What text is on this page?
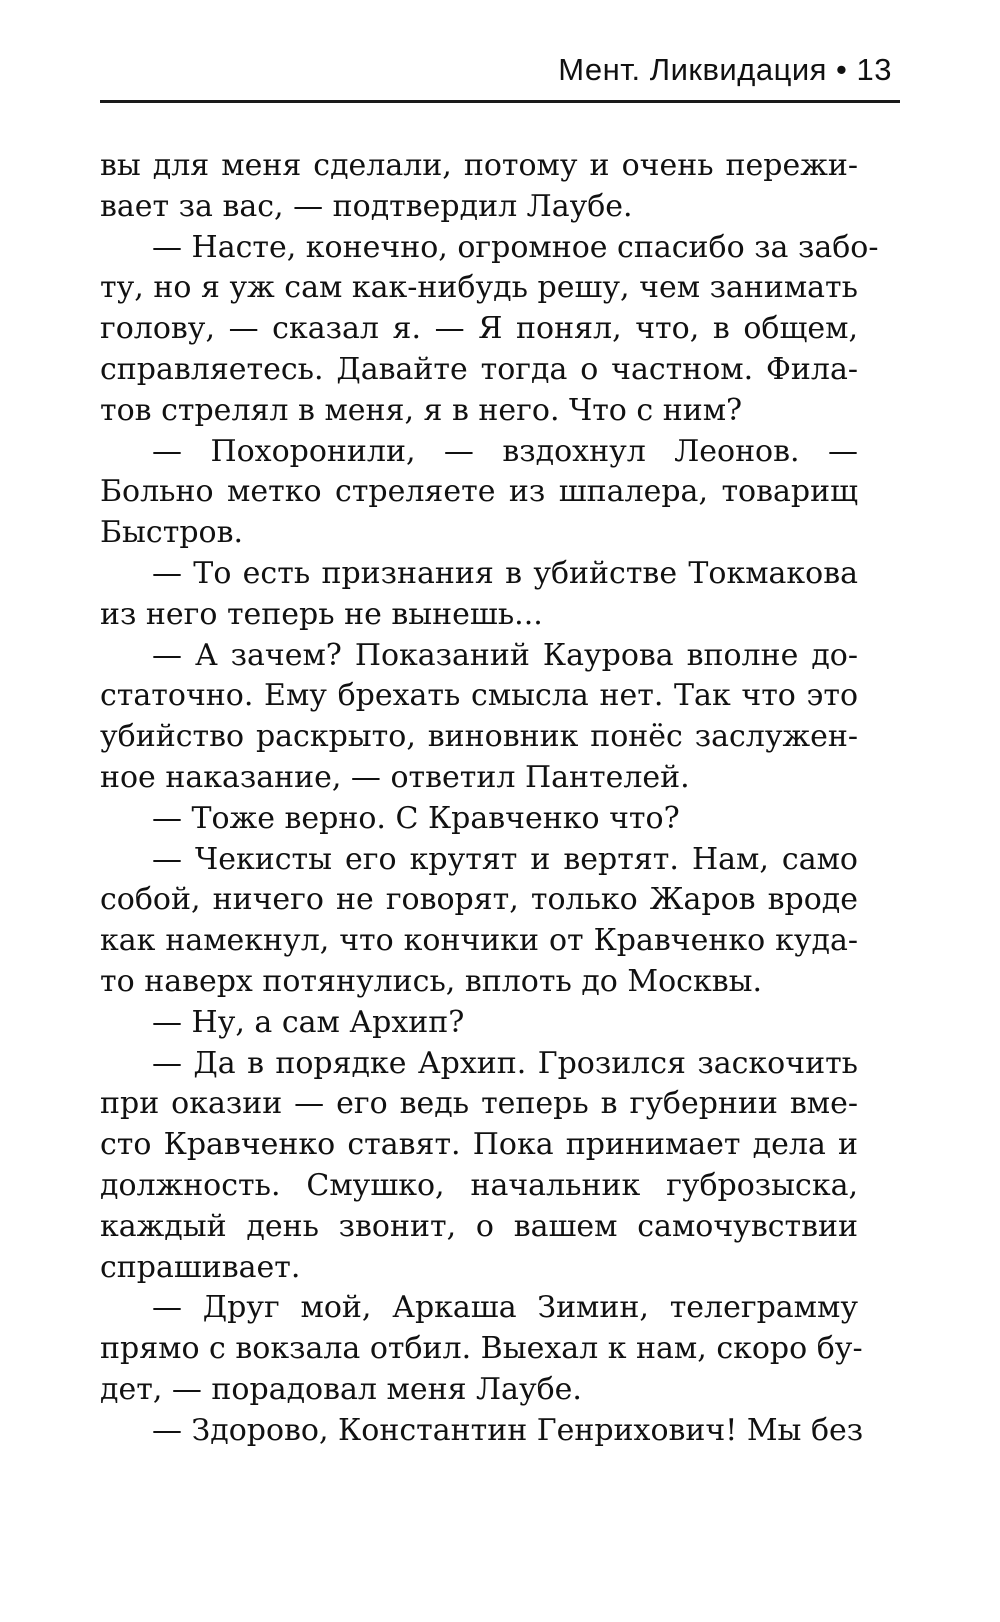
Мент. Ликвидация • 13
вы для меня сделали, потому и очень пережи-
вает за вас, — подтвердил Лаубе.
— Насте, конечно, огромное спасибо за забо-
ту, но я уж сам как-нибудь решу, чем занимать
голову, — сказал я. — Я понял, что, в общем,
справляетесь. Давайте тогда о частном. Фила-
тов стрелял в меня, я в него. Что с ним?
— Похоронили, — вздохнул Леонов. —
Больно метко стреляете из шпалера, товарищ
Быстров.
— То есть признания в убийстве Токмакова
из него теперь не вынешь...
— А зачем? Показаний Каурова вполне до-
статочно. Ему брехать смысла нет. Так что это
убийство раскрыто, виновник понёс заслужен-
ное наказание, — ответил Пантелей.
— Тоже верно. С Кравченко что?
— Чекисты его крутят и вертят. Нам, само
собой, ничего не говорят, только Жаров вроде
как намекнул, что кончики от Кравченко куда-
то наверх потянулись, вплоть до Москвы.
— Ну, а сам Архип?
— Да в порядке Архип. Грозился заскочить
при оказии — его ведь теперь в губернии вме-
сто Кравченко ставят. Пока принимает дела и
должность. Смушко, начальник губрозыска,
каждый день звонит, о вашем самочувствии
спрашивает.
— Друг мой, Аркаша Зимин, телеграмму
прямо с вокзала отбил. Выехал к нам, скоро бу-
дет, — порадовал меня Лаубе.
— Здорово, Константин Генрихович! Мы без
